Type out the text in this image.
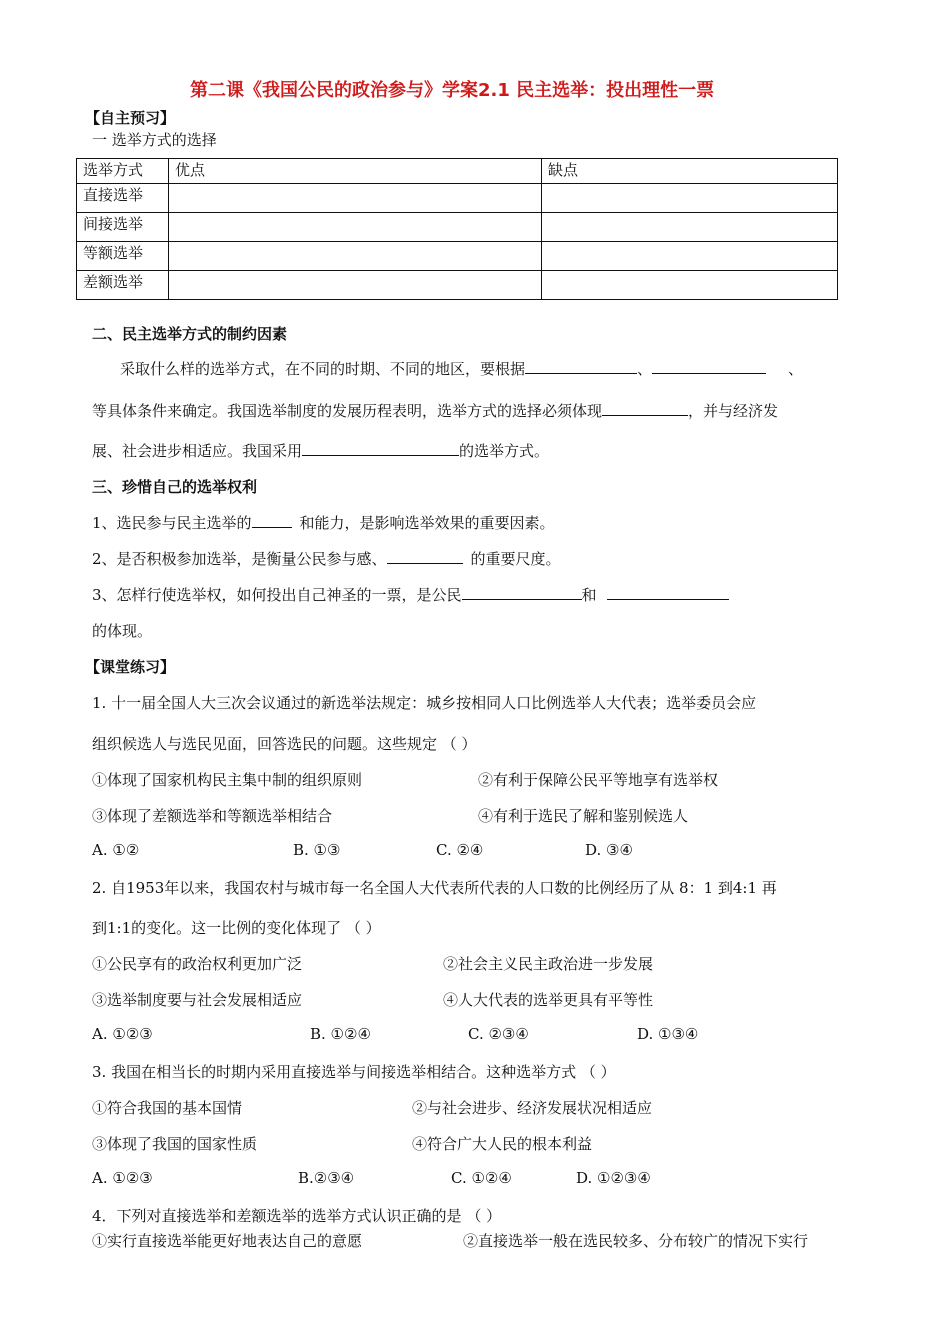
第二课《我国公民的政治参与》学案2.1 民主选举：投出理性一票
【自主预习】
一 选举方式的选择
选举方式	优点	缺点
直接选举		
间接选举		
等额选举		
差额选举		
二、民主选举方式的制约因素
采取什么样的选举方式，在不同的时期、不同的地区，要根据	、	、
等具体条件来确定。我国选举制度的发展历程表明，选举方式的选择必须体现	，并与经济发
展、社会进步相适应。我国采用	的选举方式。
三、珍惜自己的选举权利
1、选民参与民主选举的	和能力，是影响选举效果的重要因素。
2、是否积极参加选举，是衡量公民参与感、	的重要尺度。
3、怎样行使选举权，如何投出自己神圣的一票，是公民	和
的体现。
【课堂练习】
1. 十一届全国人大三次会议通过的新选举法规定：城乡按相同人口比例选举人大代表；选举委员会应
组织候选人与选民见面，回答选民的问题。这些规定 （ ）
①体现了国家机构民主集中制的组织原则	②有利于保障公民平等地享有选举权
③体现了差额选举和等额选举相结合	④有利于选民了解和鉴别候选人
A. ①②	B. ①③	C. ②④	D. ③④
2. 自1953年以来，我国农村与城市每一名全国人大代表所代表的人口数的比例经历了从 8：1 到4:1 再
到1:1的变化。这一比例的变化体现了 （ ）
①公民享有的政治权利更加广泛	②社会主义民主政治进一步发展
③选举制度要与社会发展相适应	④人大代表的选举更具有平等性
A. ①②③	B. ①②④	C. ②③④	D. ①③④
3. 我国在相当长的时期内采用直接选举与间接选举相结合。这种选举方式 （ ）
①符合我国的基本国情	②与社会进步、经济发展状况相适应
③体现了我国的国家性质	④符合广大人民的根本利益
A. ①②③	B.②③④	C. ①②④	D. ①②③④
4．下列对直接选举和差额选举的选举方式认识正确的是 （ ）
①实行直接选举能更好地表达自己的意愿	②直接选举一般在选民较多、分布较广的情况下实行
